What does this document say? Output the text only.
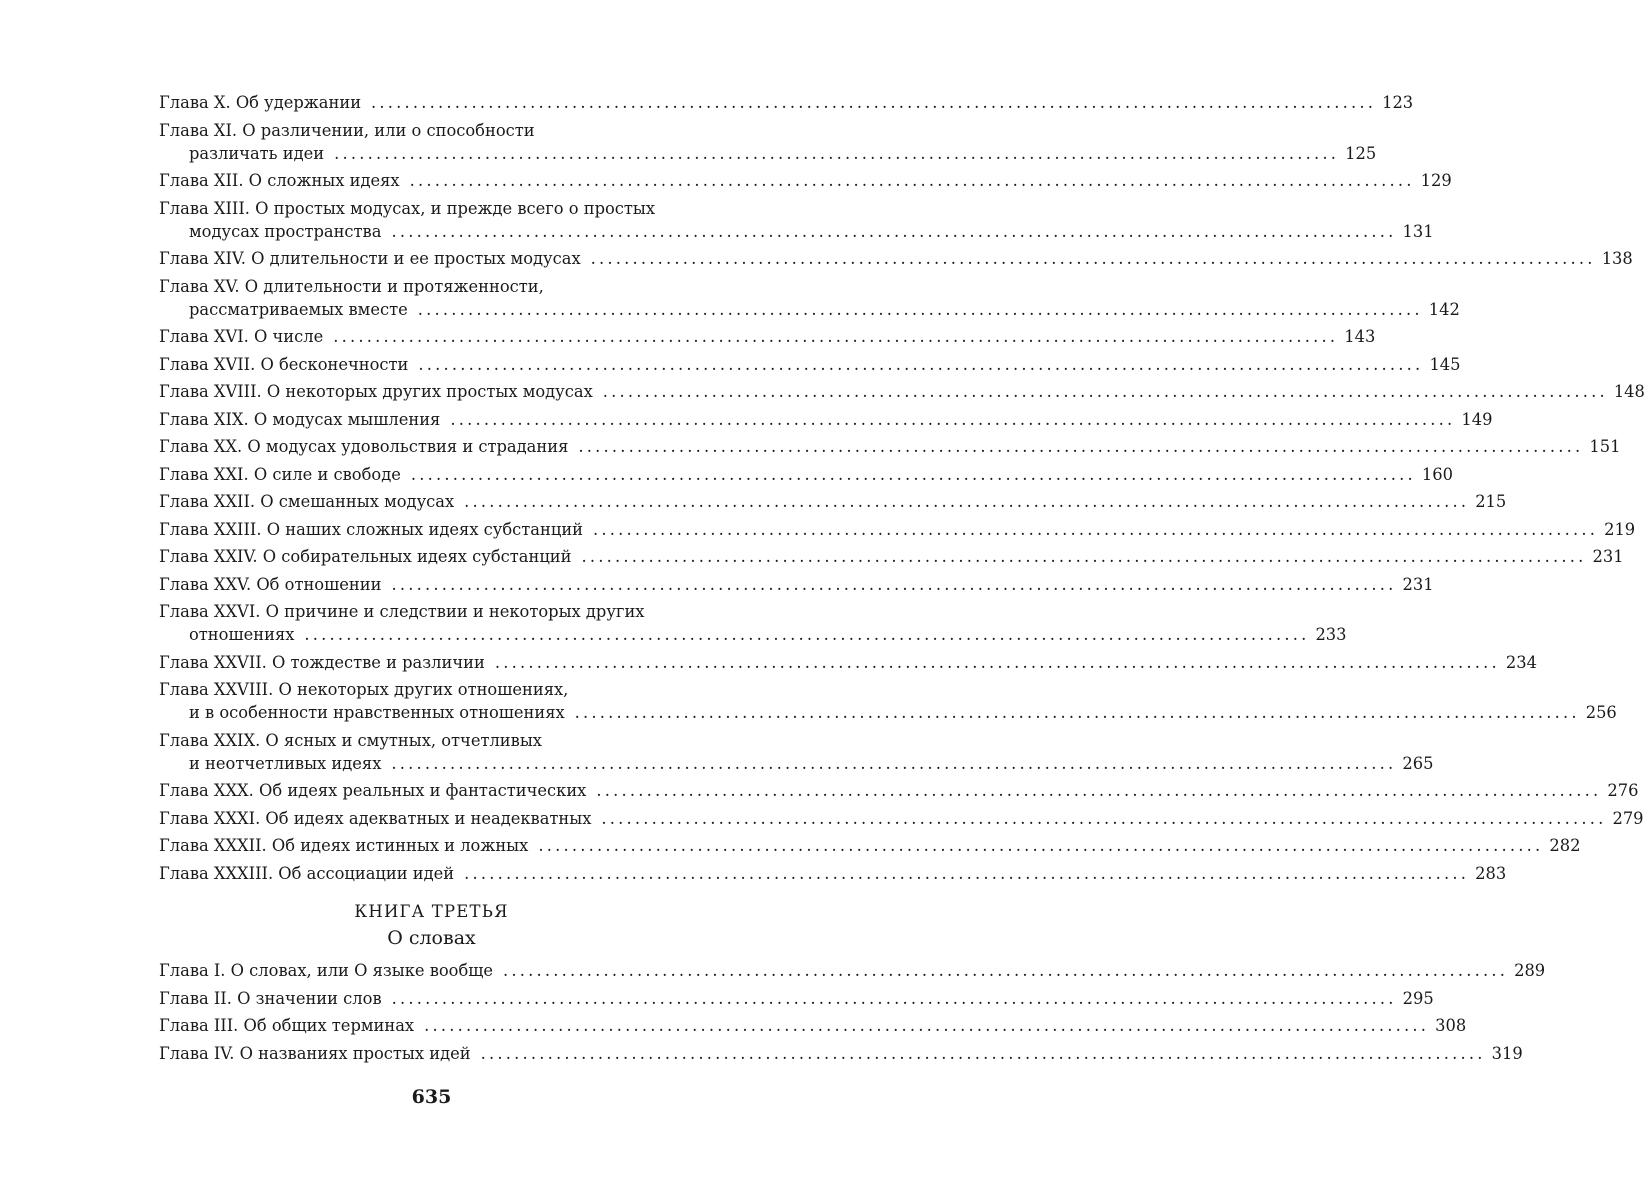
Глава X. Об удержании ........................................................................................................................ 123
Глава XI. О различении, или о способности
различать идеи ........................................................................................................................ 125
Глава XII. О сложных идеях ........................................................................................................................ 129
Глава XIII. О простых модусах, и прежде всего о простых
модусах пространства ........................................................................................................................ 131
Глава XIV. О длительности и ее простых модусах ........................................................................................................................ 138
Глава XV. О длительности и протяженности,
рассматриваемых вместе ........................................................................................................................ 142
Глава XVI. О числе ........................................................................................................................ 143
Глава XVII. О бесконечности ........................................................................................................................ 145
Глава XVIII. О некоторых других простых модусах ........................................................................................................................ 148
Глава XIX. О модусах мышления ........................................................................................................................ 149
Глава XX. О модусах удовольствия и страдания ........................................................................................................................ 151
Глава XXI. О силе и свободе ........................................................................................................................ 160
Глава XXII. О смешанных модусах ........................................................................................................................ 215
Глава XXIII. О наших сложных идеях субстанций ........................................................................................................................ 219
Глава XXIV. О собирательных идеях субстанций ........................................................................................................................ 231
Глава XXV. Об отношении ........................................................................................................................ 231
Глава XXVI. О причине и следствии и некоторых других
отношениях ........................................................................................................................ 233
Глава XXVII. О тождестве и различии ........................................................................................................................ 234
Глава XXVIII. О некоторых других отношениях,
и в особенности нравственных отношениях ........................................................................................................................ 256
Глава XXIX. О ясных и смутных, отчетливых
и неотчетливых идеях ........................................................................................................................ 265
Глава XXX. Об идеях реальных и фантастических ........................................................................................................................ 276
Глава XXXI. Об идеях адекватных и неадекватных ........................................................................................................................ 279
Глава XXXII. Об идеях истинных и ложных ........................................................................................................................ 282
Глава XXXIII. Об ассоциации идей ........................................................................................................................ 283
КНИГА ТРЕТЬЯ
О словах
Глава I. О словах, или О языке вообще ........................................................................................................................ 289
Глава II. О значении слов ........................................................................................................................ 295
Глава III. Об общих терминах ........................................................................................................................ 308
Глава IV. О названиях простых идей ........................................................................................................................ 319
635
